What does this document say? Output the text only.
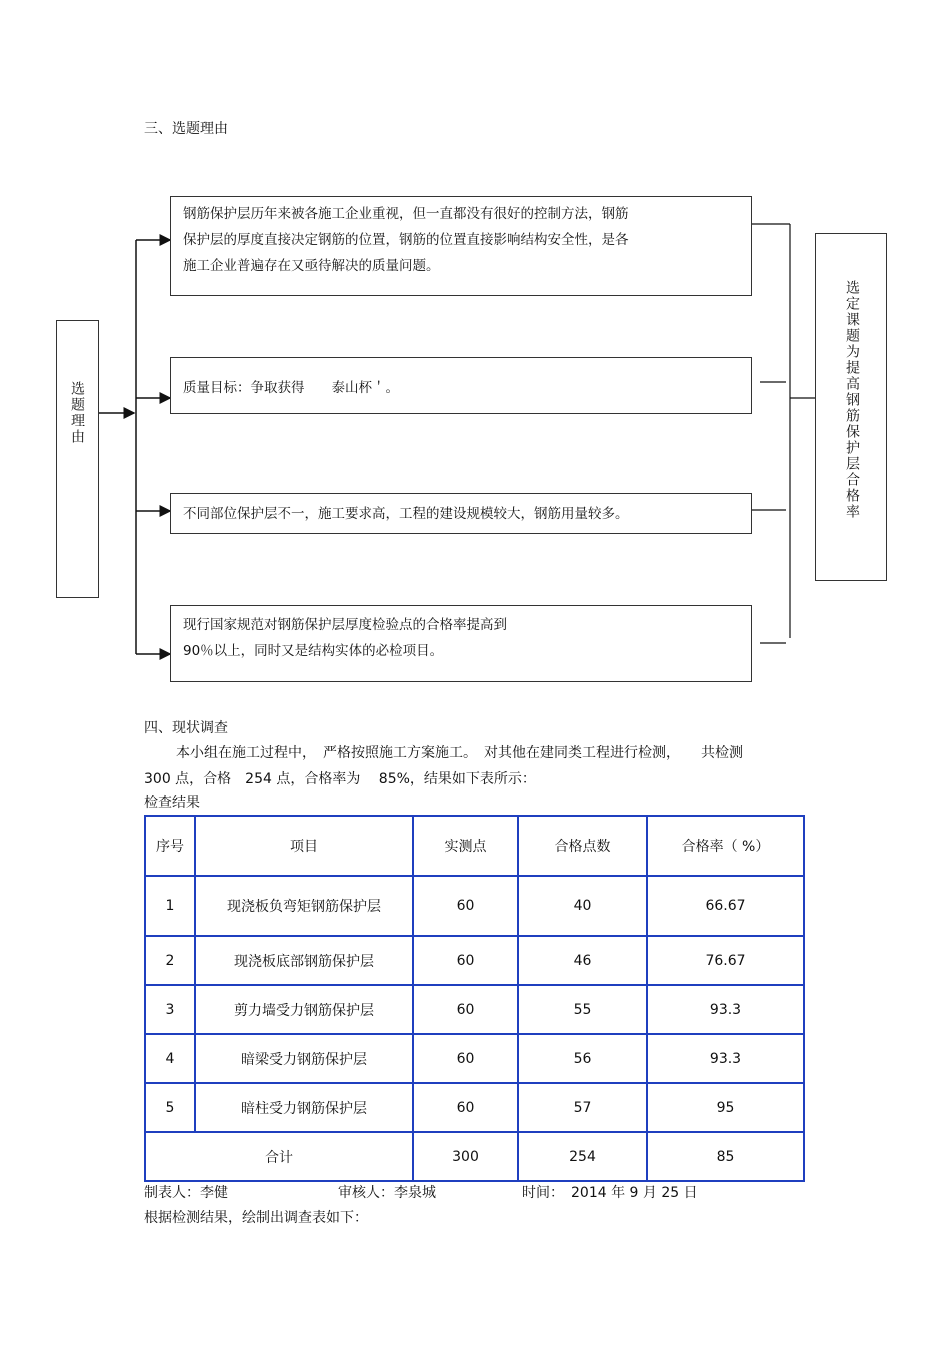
三、选题理由
选题理由
钢筋保护层历年来被各施工企业重视，但一直都没有很好的控制方法，钢筋
保护层的厚度直接决定钢筋的位置，钢筋的位置直接影响结构安全性，是各
施工企业普遍存在又亟待解决的质量问题。
质量目标：争取获得　　泰山杯＇。
不同部位保护层不一，施工要求高，工程的建设规模较大，钢筋用量较多。
现行国家规范对钢筋保护层厚度检验点的合格率提高到
90％以上，同时又是结构实体的必检项目。
选定课题为提高钢筋保护层合格率
四、现状调查
本小组在施工过程中，　严格按照施工方案施工。　对其他在建同类工程进行检测，　　共检测
300 点，合格　254 点，合格率为　 85%，结果如下表所示：
检查结果
序号	项目	实测点	合格点数	合格率（ %）
1	现浇板负弯矩钢筋保护层	60	40	66.67
2	现浇板底部钢筋保护层	60	46	76.67
3	剪力墙受力钢筋保护层	60	55	93.3
4	暗梁受力钢筋保护层	60	56	93.3
5	暗柱受力钢筋保护层	60	57	95
合计		300	254	85
制表人：李健	审核人：李泉城	时间：　2014 年 9 月 25 日
根据检测结果，绘制出调查表如下：
